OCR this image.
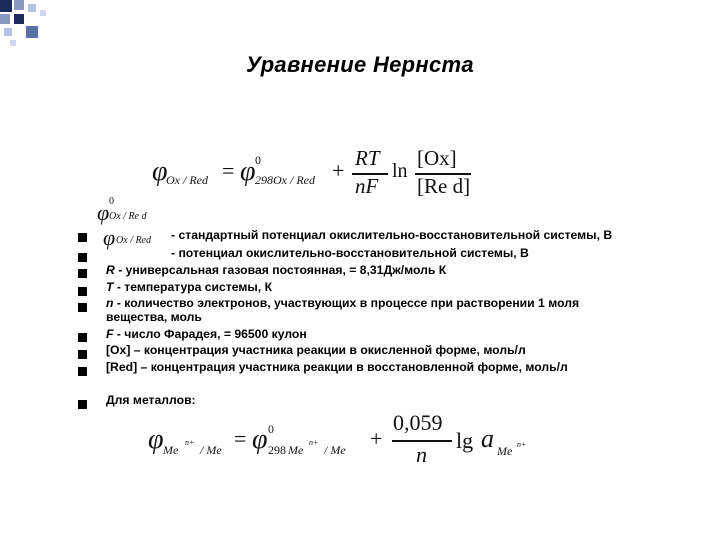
Уравнение Нернста
φ
Ox / Red = φ 0
298Ox / Red + RT
nF
ln
[Ox]
[Re d]
φ 0
Ox / Re d
φ Ox / Red - стандартный потенциал окислительно-восстановительной системы, В
- потенциал окислительно-восстановительной системы, В
R - универсальная газовая постоянная, = 8,31Дж/моль К
T - температура системы, К
n - количество электронов, участвующих в процессе при растворении 1 моля
вещества, моль
F - число Фарадея, = 96500 кулон
[Ox] – концентрация участника реакции в окисленной форме, моль/л
[Red] – концентрация участника реакции в восстановленной форме, моль/л
Для металлов:
φ Me
n+
/ Me = φ 0
298 Me
n+
/ Me +
0,059
n
lg a Me n+
